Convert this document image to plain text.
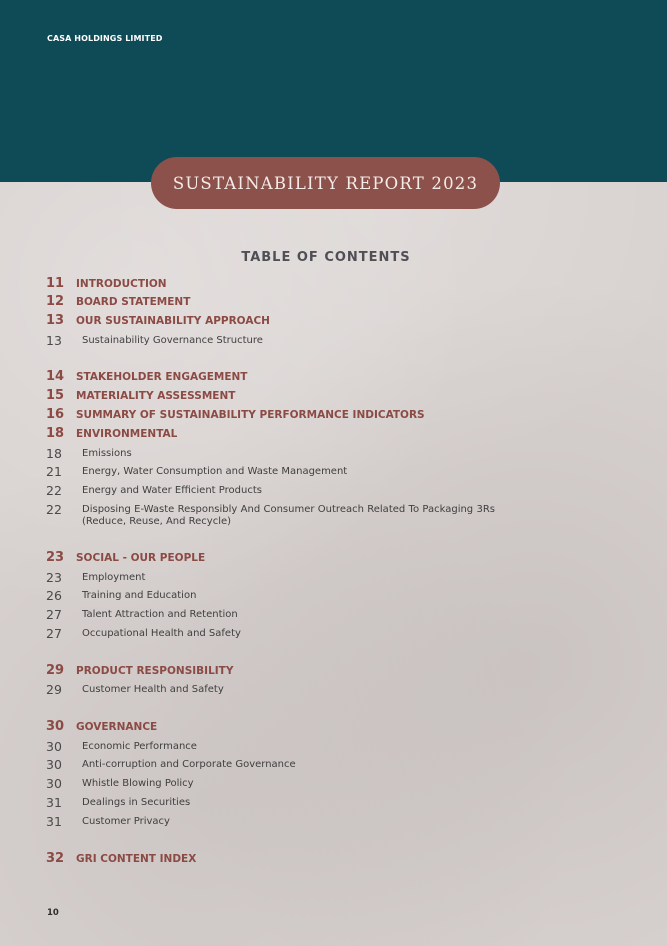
CASA HOLDINGS LIMITED
SUSTAINABILITY REPORT 2023
TABLE OF CONTENTS
11	INTRODUCTION
12	BOARD STATEMENT
13	OUR SUSTAINABILITY APPROACH
13	Sustainability Governance Structure
14	STAKEHOLDER ENGAGEMENT
15	MATERIALITY ASSESSMENT
16	SUMMARY OF SUSTAINABILITY PERFORMANCE INDICATORS
18	ENVIRONMENTAL
18	Emissions
21	Energy, Water Consumption and Waste Management
22	Energy and Water Efficient Products
22	Disposing E-Waste Responsibly And Consumer Outreach Related To Packaging 3Rs (Reduce, Reuse, And Recycle)
23	SOCIAL - OUR PEOPLE
23	Employment
26	Training and Education
27	Talent Attraction and Retention
27	Occupational Health and Safety
29	PRODUCT RESPONSIBILITY
29	Customer Health and Safety
30	GOVERNANCE
30	Economic Performance
30	Anti-corruption and Corporate Governance
30	Whistle Blowing Policy
31	Dealings in Securities
31	Customer Privacy
32	GRI CONTENT INDEX
10
